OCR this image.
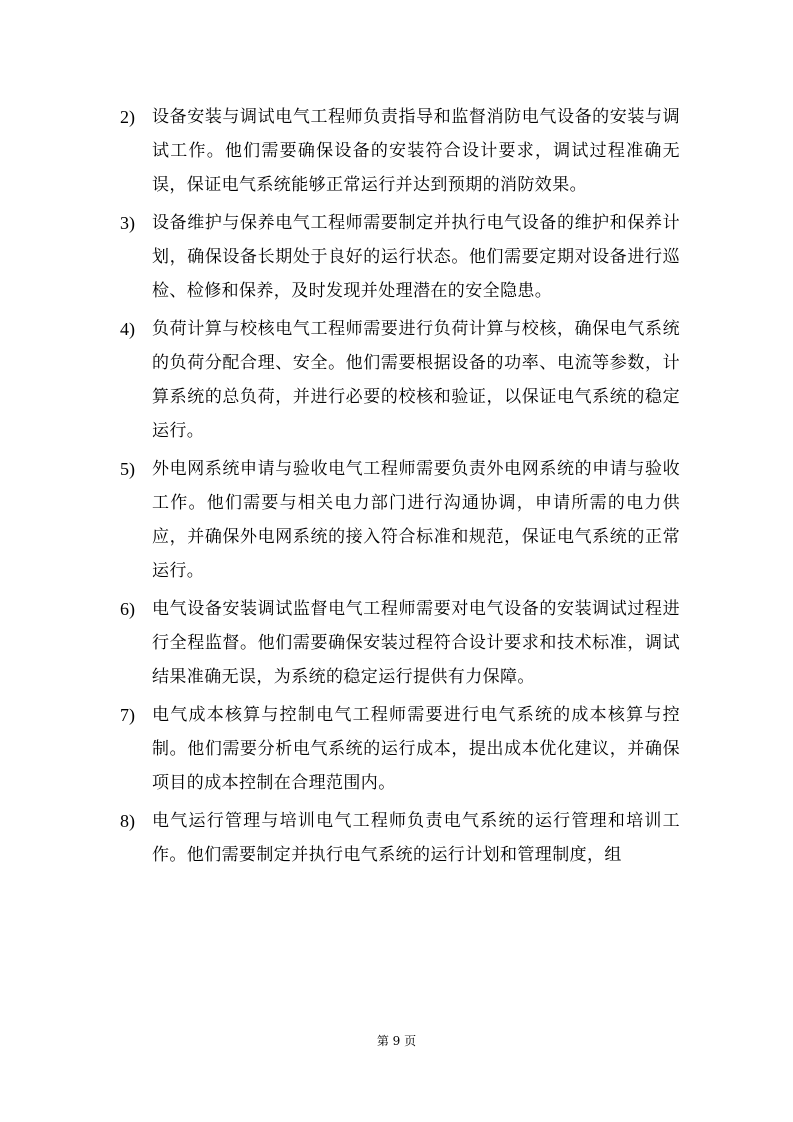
2)	设备安装与调试电气工程师负责指导和监督消防电气设备的安装与调试工作。他们需要确保设备的安装符合设计要求，调试过程准确无误，保证电气系统能够正常运行并达到预期的消防效果。

3)	设备维护与保养电气工程师需要制定并执行电气设备的维护和保养计划，确保设备长期处于良好的运行状态。他们需要定期对设备进行巡检、检修和保养，及时发现并处理潜在的安全隐患。

4)	负荷计算与校核电气工程师需要进行负荷计算与校核，确保电气系统的负荷分配合理、安全。他们需要根据设备的功率、电流等参数，计算系统的总负荷，并进行必要的校核和验证，以保证电气系统的稳定运行。

5)	外电网系统申请与验收电气工程师需要负责外电网系统的申请与验收工作。他们需要与相关电力部门进行沟通协调，申请所需的电力供应，并确保外电网系统的接入符合标准和规范，保证电气系统的正常运行。

6)	电气设备安装调试监督电气工程师需要对电气设备的安装调试过程进行全程监督。他们需要确保安装过程符合设计要求和技术标准，调试结果准确无误，为系统的稳定运行提供有力保障。

7)	电气成本核算与控制电气工程师需要进行电气系统的成本核算与控制。他们需要分析电气系统的运行成本，提出成本优化建议，并确保项目的成本控制在合理范围内。

8)	电气运行管理与培训电气工程师负责电气系统的运行管理和培训工作。他们需要制定并执行电气系统的运行计划和管理制度，组

第 9 页
